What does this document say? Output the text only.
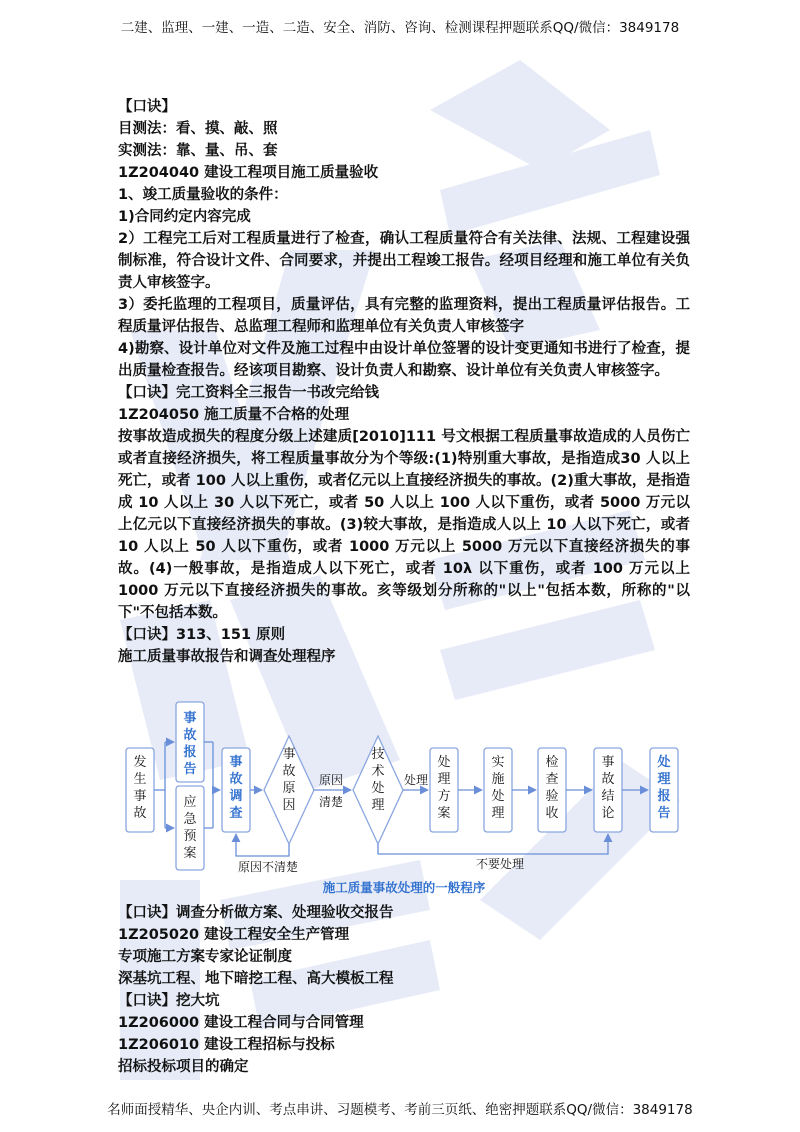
二建、监理、一建、一造、二造、安全、消防、咨询、检测课程押题联系QQ/微信：3849178
【口诀】
目测法：看、摸、敲、照
实测法：靠、量、吊、套
1Z204040 建设工程项目施工质量验收
1、竣工质量验收的条件：
1)合同约定内容完成
2）工程完工后对工程质量进行了检查，确认工程质量符合有关法律、法规、工程建设强制标准，符合设计文件、合同要求，并提出工程竣工报告。经项目经理和施工单位有关负责人审核签字。
3）委托监理的工程项目，质量评估，具有完整的监理资料，提出工程质量评估报告。工程质量评估报告、总监理工程师和监理单位有关负责人审核签字
4)勘察、设计单位对文件及施工过程中由设计单位签署的设计变更通知书进行了检查，提出质量检查报告。经该项目勘察、设计负责人和勘察、设计单位有关负责人审核签字。
【口诀】完工资料全三报告一书改完给钱
1Z204050 施工质量不合格的处理
按事故造成损失的程度分级上述建质[2010]111 号文根据工程质量事故造成的人员伤亡或者直接经济损失，将工程质量事故分为个等级:(1)特别重大事故，是指造成30 人以上死亡，或者 100 人以上重伤，或者亿元以上直接经济损失的事故。(2)重大事故，是指造成 10 人以上 30 人以下死亡，或者 50 人以上 100 人以下重伤，或者 5000 万元以上亿元以下直接经济损失的事故。(3)较大事故，是指造成人以上 10 人以下死亡，或者 10 人以上 50 人以下重伤，或者 1000 万元以上 5000 万元以下直接经济损失的事故。(4)一般事故，是指造成人以下死亡，或者 10λ 以下重伤，或者 100 万元以上 1000 万元以下直接经济损失的事故。亥等级划分所称的"以上"包括本数，所称的"以下"不包括本数。
【口诀】313、151 原则
施工质量事故报告和调查处理程序
发生事故
事故报告
应急预案
事故调查
事故原因
技术处理
处理方案
实施处理
检查验收
事故结论
处理报告
原因
清楚
处理
原因不清楚	不要处理
施工质量事故处理的一般程序
【口诀】调查分析做方案、处理验收交报告
1Z205020 建设工程安全生产管理
专项施工方案专家论证制度
深基坑工程、地下暗挖工程、高大模板工程
【口诀】挖大坑
1Z206000 建设工程合同与合同管理
1Z206010 建设工程招标与投标
招标投标项目的确定
名师面授精华、央企内训、考点串讲、习题模考、考前三页纸、绝密押题联系QQ/微信：3849178
